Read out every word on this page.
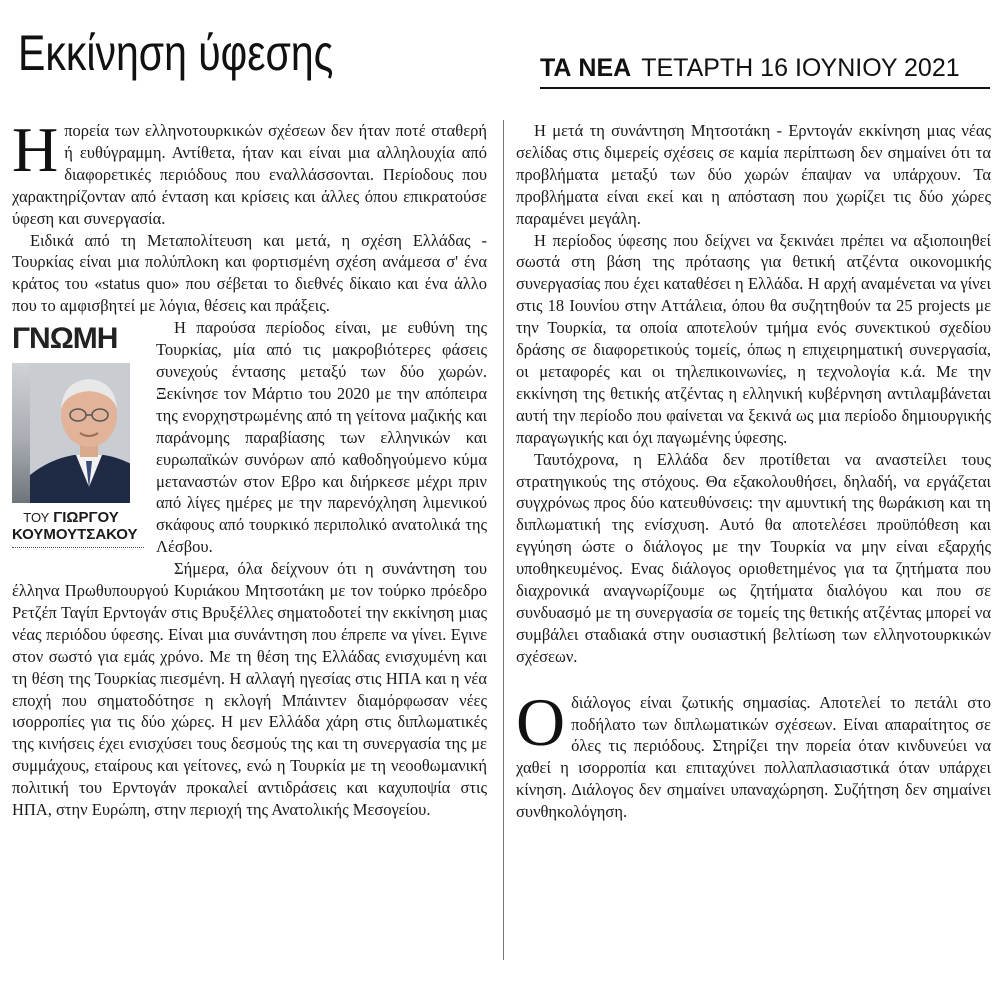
Εκκίνηση ύφεσης	ΤΑ ΝΕΑ ΤΕΤΑΡΤΗ 16 ΙΟΥΝΙΟΥ 2021

Ηπορεία των ελληνοτουρκικών σχέσεων δεν ήταν ποτέ σταθερή ή ευθύγραμμη. Αντίθετα, ήταν και είναι μια αλληλουχία από διαφορετικές περιόδους που εναλλάσσονται. Περίοδους που χαρακτηρίζονταν από ένταση και κρίσεις και άλλες όπου επικρατούσε ύφεση και συνεργασία.

Ειδικά από τη Μεταπολίτευση και μετά, η σχέση Ελλάδας - Τουρκίας είναι μια πολύπλοκη και φορτισμένη σχέση ανάμεσα σ' ένα κράτος του «status quo» που σέβεται το διεθνές δίκαιο και ένα άλλο που το αμφισβητεί με λόγια, θέσεις και πράξεις.

ΓΝΩΜΗ
ΤΟΥ ΓΙΩΡΓΟΥ ΚΟΥΜΟΥΤΣΑΚΟΥ
Η παρούσα περίοδος είναι, με ευθύνη της Τουρκίας, μία από τις μακροβιότερες φάσεις συνεχούς έντασης μεταξύ των δύο χωρών. Ξεκίνησε τον Μάρτιο του 2020 με την απόπειρα της ενορχηστρωμένης από τη γείτονα μαζικής και παράνομης παραβίασης των ελληνικών και ευρωπαϊκών συνόρων από καθοδηγούμενο κύμα μεταναστών στον Εβρο και διήρκεσε μέχρι πριν από λίγες ημέρες με την παρενόχληση λιμενικού σκάφους από τουρκικό περιπολικό ανατολικά της Λέσβου.

Σήμερα, όλα δείχνουν ότι η συνάντηση του έλληνα Πρωθυπουργού Κυριάκου Μητσοτάκη με τον τούρκο πρόεδρο Ρετζέπ Ταγίπ Ερντογάν στις Βρυξέλλες σηματοδοτεί την εκκίνηση μιας νέας περιόδου ύφεσης. Είναι μια συνάντηση που έπρεπε να γίνει. Εγινε στον σωστό για εμάς χρόνο. Με τη θέση της Ελλάδας ενισχυμένη και τη θέση της Τουρκίας πιεσμένη. Η αλλαγή ηγεσίας στις ΗΠΑ και η νέα εποχή που σηματοδότησε η εκλογή Μπάιντεν διαμόρφωσαν νέες ισορροπίες για τις δύο χώρες. Η μεν Ελλάδα χάρη στις διπλωματικές της κινήσεις έχει ενισχύσει τους δεσμούς της και τη συνεργασία της με συμμάχους, εταίρους και γείτονες, ενώ η Τουρκία με τη νεοοθωμανική πολιτική του Ερντογάν προκαλεί αντιδράσεις και καχυποψία στις ΗΠΑ, στην Ευρώπη, στην περιοχή της Ανατολικής Μεσογείου.

Η μετά τη συνάντηση Μητσοτάκη - Ερντογάν εκκίνηση μιας νέας σελίδας στις διμερείς σχέσεις σε καμία περίπτωση δεν σημαίνει ότι τα προβλήματα μεταξύ των δύο χωρών έπαψαν να υπάρχουν. Τα προβλήματα είναι εκεί και η απόσταση που χωρίζει τις δύο χώρες παραμένει μεγάλη.

Η περίοδος ύφεσης που δείχνει να ξεκινάει πρέπει να αξιοποιηθεί σωστά στη βάση της πρότασης για θετική ατζέντα οικονομικής συνεργασίας που έχει καταθέσει η Ελλάδα. Η αρχή αναμένεται να γίνει στις 18 Ιουνίου στην Αττάλεια, όπου θα συζητηθούν τα 25 projects με την Τουρκία, τα οποία αποτελούν τμήμα ενός συνεκτικού σχεδίου δράσης σε διαφορετικούς τομείς, όπως η επιχειρηματική συνεργασία, οι μεταφορές και οι τηλεπικοινωνίες, η τεχνολογία κ.ά. Με την εκκίνηση της θετικής ατζέντας η ελληνική κυβέρνηση αντιλαμβάνεται αυτή την περίοδο που φαίνεται να ξεκινά ως μια περίοδο δημιουργικής παραγωγικής και όχι παγωμένης ύφεσης.

Ταυτόχρονα, η Ελλάδα δεν προτίθεται να αναστείλει τους στρατηγικούς της στόχους. Θα εξακολουθήσει, δηλαδή, να εργάζεται συγχρόνως προς δύο κατευθύνσεις: την αμυντική της θωράκιση και τη διπλωματική της ενίσχυση. Αυτό θα αποτελέσει προϋπόθεση και εγγύηση ώστε ο διάλογος με την Τουρκία να μην είναι εξαρχής υποθηκευμένος. Ενας διάλογος οριοθετημένος για τα ζητήματα που διαχρονικά αναγνωρίζουμε ως ζητήματα διαλόγου και που σε συνδυασμό με τη συνεργασία σε τομείς της θετικής ατζέντας μπορεί να συμβάλει σταδιακά στην ουσιαστική βελτίωση των ελληνοτουρκικών σχέσεων.

Οδιάλογος είναι ζωτικής σημασίας. Αποτελεί το πετάλι στο ποδήλατο των διπλωματικών σχέσεων. Είναι απαραίτητος σε όλες τις περιόδους. Στηρίζει την πορεία όταν κινδυνεύει να χαθεί η ισορροπία και επιταχύνει πολλαπλασιαστικά όταν υπάρχει κίνηση. Διάλογος δεν σημαίνει υπαναχώρηση. Συζήτηση δεν σημαίνει συνθηκολόγηση.
